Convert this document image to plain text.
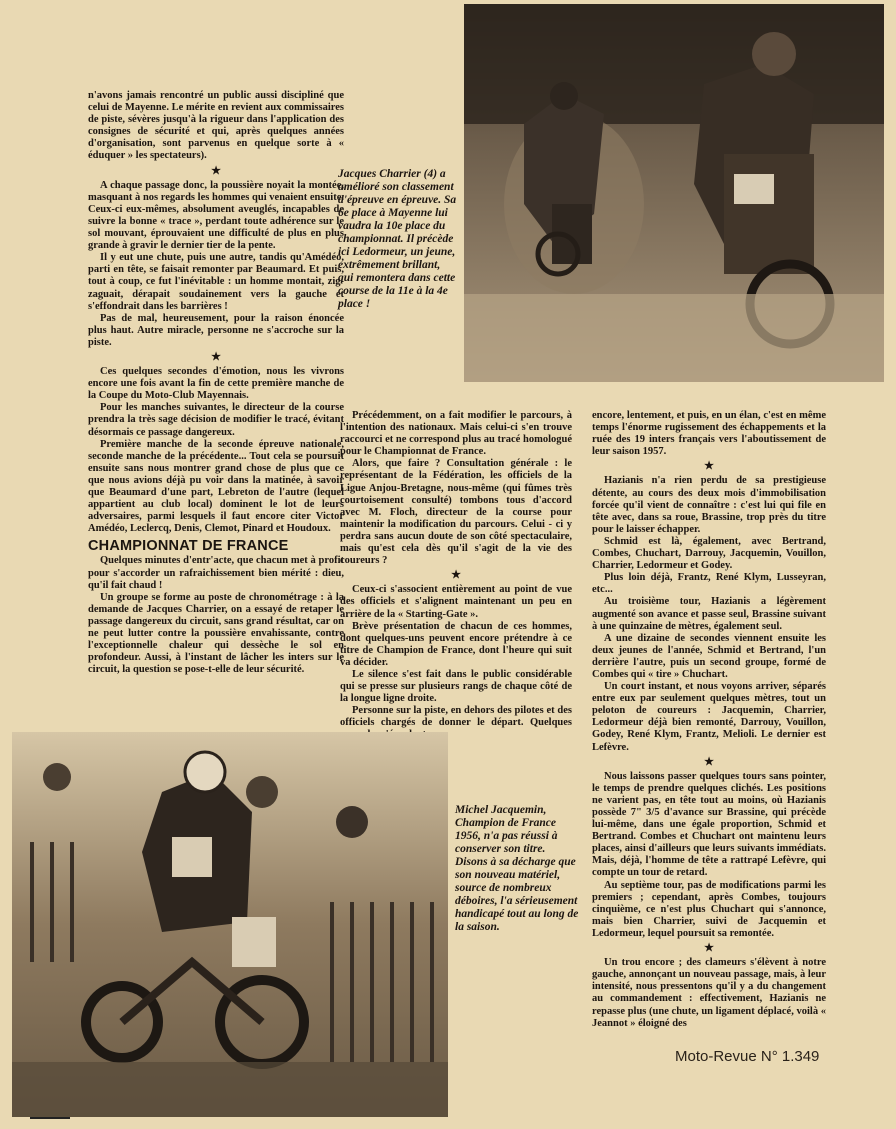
n'avons jamais rencontré un public aussi discipliné que celui de Mayenne. Le mérite en revient aux commissaires de piste, sévères jusqu'à la rigueur dans l'application des consignes de sécurité et qui, après quelques années d'organisation, sont parvenus en quelque sorte à « éduquer » les spectateurs).

★

A chaque passage donc, la poussière noyait la montée, masquant à nos regards les hommes qui venaient ensuite. Ceux-ci eux-mêmes, absolument aveuglés, incapables de suivre la bonne « trace », perdant toute adhérence sur le sol mouvant, éprouvaient une difficulté de plus en plus grande à gravir le dernier tier de la pente.

Il y eut une chute, puis une autre, tandis qu'Amédéo, parti en tête, se faisait remonter par Beaumard. Et puis, tout à coup, ce fut l'inévitable : un homme montait, zig-zaguait, dérapait soudainement vers la gauche et s'effondrait dans les barrières !

Pas de mal, heureusement, pour la raison énoncée plus haut. Autre miracle, personne ne s'accroche sur la piste.

★

Ces quelques secondes d'émotion, nous les vivrons encore une fois avant la fin de cette première manche de la Coupe du Moto-Club Mayennais.

Pour les manches suivantes, le directeur de la course prendra la très sage décision de modifier le tracé, évitant désormais ce passage dangereux.

Première manche de la seconde épreuve nationale, seconde manche de la précédente... Tout cela se poursuit ensuite sans nous montrer grand chose de plus que ce que nous avions déjà pu voir dans la matinée, à savoir que Beaumard d'une part, Lebreton de l'autre (lequel appartient au club local) dominent le lot de leurs adversaires, parmi lesquels il faut encore citer Victor Amédéo, Leclercq, Denis, Clemot, Pinard et Houdoux.

CHAMPIONNAT DE FRANCE

Quelques minutes d'entr'acte, que chacun met à profit pour s'accorder un rafraichissement bien mérité : dieu, qu'il fait chaud !

Un groupe se forme au poste de chronométrage : à la demande de Jacques Charrier, on a essayé de retaper le passage dangereux du circuit, sans grand résultat, car on ne peut lutter contre la poussière envahissante, contre l'exceptionnelle chaleur qui dessèche le sol en profondeur. Aussi, à l'instant de lâcher les inters sur le circuit, la question se pose-t-elle de leur sécurité.

Jacques Charrier (4) a amélioré son classement d'épreuve en épreuve. Sa 6e place à Mayenne lui vaudra la 10e place du championnat. Il précède ici Ledormeur, un jeune, extrêmement brillant, qui remontera dans cette course de la 11e à la 4e place !

Précédemment, on a fait modifier le parcours, à l'intention des nationaux. Mais celui-ci s'en trouve raccourci et ne correspond plus au tracé homologué pour le Championnat de France.

Alors, que faire ? Consultation générale : le représentant de la Fédération, les officiels de la Ligue Anjou-Bretagne, nous-même (qui fûmes très courtoisement consulté) tombons tous d'accord avec M. Floch, directeur de la course pour maintenir la modification du parcours. Celui - ci y perdra sans aucun doute de son côté spectaculaire, mais qu'est cela dès qu'il s'agit de la vie des coureurs ?

★

Ceux-ci s'associent entièrement au point de vue des officiels et s'alignent maintenant un peu en arrière de la « Starting-Gate ».

Brève présentation de chacun de ces hommes, dont quelques-uns peuvent encore prétendre à ce titre de Champion de France, dont l'heure qui suit va décider.

Le silence s'est fait dans le public considérable qui se presse sur plusieurs rangs de chaque côté de la longue ligne droite.

Personne sur la piste, en dehors des pilotes et des officiels chargés de donner le départ. Quelques

encore, lentement, et puis, en un élan, c'est en même temps l'énorme rugissement des échappements et la ruée des 19 inters français vers l'aboutissement de leur saison 1957.

★

Hazianis n'a rien perdu de sa prestigieuse détente, au cours des deux mois d'immobilisation forcée qu'il vient de connaître : c'est lui qui file en tête avec, dans sa roue, Brassine, trop près du titre pour le laisser échapper.

Schmid est là, également, avec Bertrand, Combes, Chuchart, Darrouy, Jacquemin, Vouillon, Charrier, Ledormeur et Godey.

Plus loin déjà, Frantz, René Klym, Lusseyran, etc...

Au troisième tour, Hazianis a légèrement augmenté son avance et passe seul, Brassine suivant à une quinzaine de mètres, également seul.

A une dizaine de secondes viennent ensuite les deux jeunes de l'année, Schmid et Bertrand, l'un derrière l'autre, puis un second groupe, formé de Combes qui « tire » Chuchart.

Un court instant, et nous voyons arriver, séparés entre eux par seulement quelques mètres, tout un peloton de coureurs : Jacquemin, Charrier, Ledormeur déjà bien remonté, Darrouy, Vouillon, Godey, René Klym, Frantz, Melioli. Le dernier est Lefèvre.

★

Nous laissons passer quelques tours sans pointer, le temps de prendre quelques clichés. Les positions ne varient pas, en tête tout au moins, où Hazianis possède 7" 3/5 d'avance sur Brassine, qui précède lui-même, dans une égale proportion, Schmid et Bertrand. Combes et Chuchart ont maintenu leurs places, ainsi d'ailleurs que leurs suivants immédiats. Mais, déjà, l'homme de tête a rattrapé Lefèvre, qui compte un tour de retard.

Au septième tour, pas de modifications parmi les premiers ; cependant, après Combes, toujours cinquième, ce n'est plus Chuchart qui s'annonce, mais bien Charrier, suivi de Jacquemin et Ledormeur, lequel poursuit sa remontée.

★

Un trou encore ; des clameurs s'élèvent à notre gauche, annonçant un nouveau passage, mais, à leur intensité, nous pressentons qu'il y a du changement au commandement : effectivement, Hazianis ne repasse plus (une chute, un ligament déplacé, voilà « Jeannot » éloigné des

Michel Jacquemin, Champion de France 1956, n'a pas réussi à conserver son titre. Disons à sa décharge que son nouveau matériel, source de nombreux déboires, l'a sérieusement handicapé tout au long de la saison.

Moto-Revue N° 1.349
